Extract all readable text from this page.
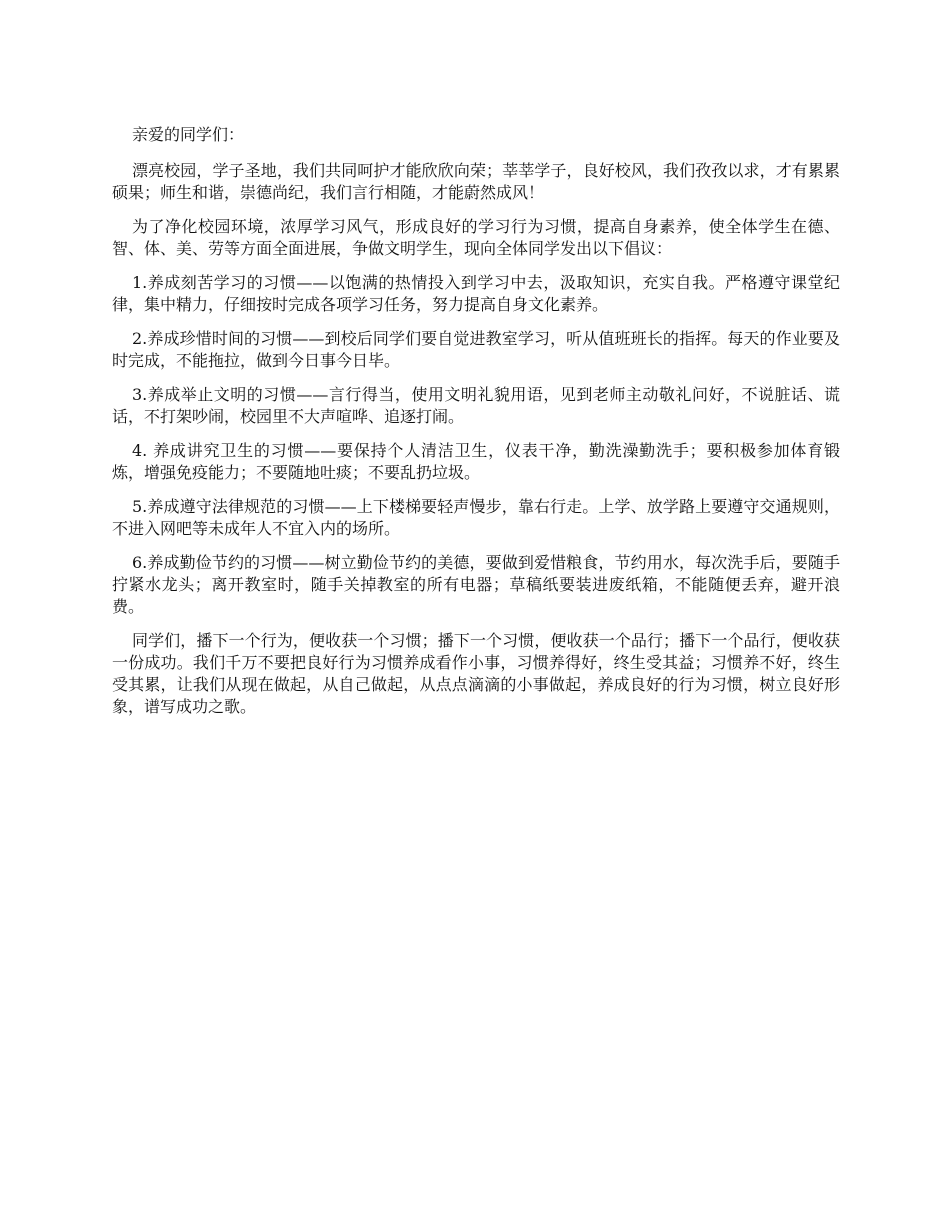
亲爱的同学们：

漂亮校园，学子圣地，我们共同呵护才能欣欣向荣；莘莘学子，良好校风，我们孜孜以求，才有累累硕果；师生和谐，崇德尚纪，我们言行相随，才能蔚然成风！

为了净化校园环境，浓厚学习风气，形成良好的学习行为习惯，提高自身素养，使全体学生在德、智、体、美、劳等方面全面进展，争做文明学生，现向全体同学发出以下倡议：

1.养成刻苦学习的习惯——以饱满的热情投入到学习中去，汲取知识，充实自我。严格遵守课堂纪律，集中精力，仔细按时完成各项学习任务，努力提高自身文化素养。

2.养成珍惜时间的习惯——到校后同学们要自觉进教室学习，听从值班班长的指挥。每天的作业要及时完成，不能拖拉，做到今日事今日毕。

3.养成举止文明的习惯——言行得当，使用文明礼貌用语，见到老师主动敬礼问好，不说脏话、谎话，不打架吵闹，校园里不大声喧哗、追逐打闹。

4. 养成讲究卫生的习惯——要保持个人清洁卫生，仪表干净，勤洗澡勤洗手；要积极参加体育锻炼，增强免疫能力；不要随地吐痰；不要乱扔垃圾。

5.养成遵守法律规范的习惯——上下楼梯要轻声慢步，靠右行走。上学、放学路上要遵守交通规则，不进入网吧等未成年人不宜入内的场所。

6.养成勤俭节约的习惯——树立勤俭节约的美德，要做到爱惜粮食，节约用水，每次洗手后，要随手拧紧水龙头；离开教室时，随手关掉教室的所有电器；草稿纸要装进废纸箱，不能随便丢弃，避开浪费。

同学们，播下一个行为，便收获一个习惯；播下一个习惯，便收获一个品行；播下一个品行，便收获一份成功。我们千万不要把良好行为习惯养成看作小事，习惯养得好，终生受其益；习惯养不好，终生受其累，让我们从现在做起，从自己做起，从点点滴滴的小事做起，养成良好的行为习惯，树立良好形象，谱写成功之歌。
